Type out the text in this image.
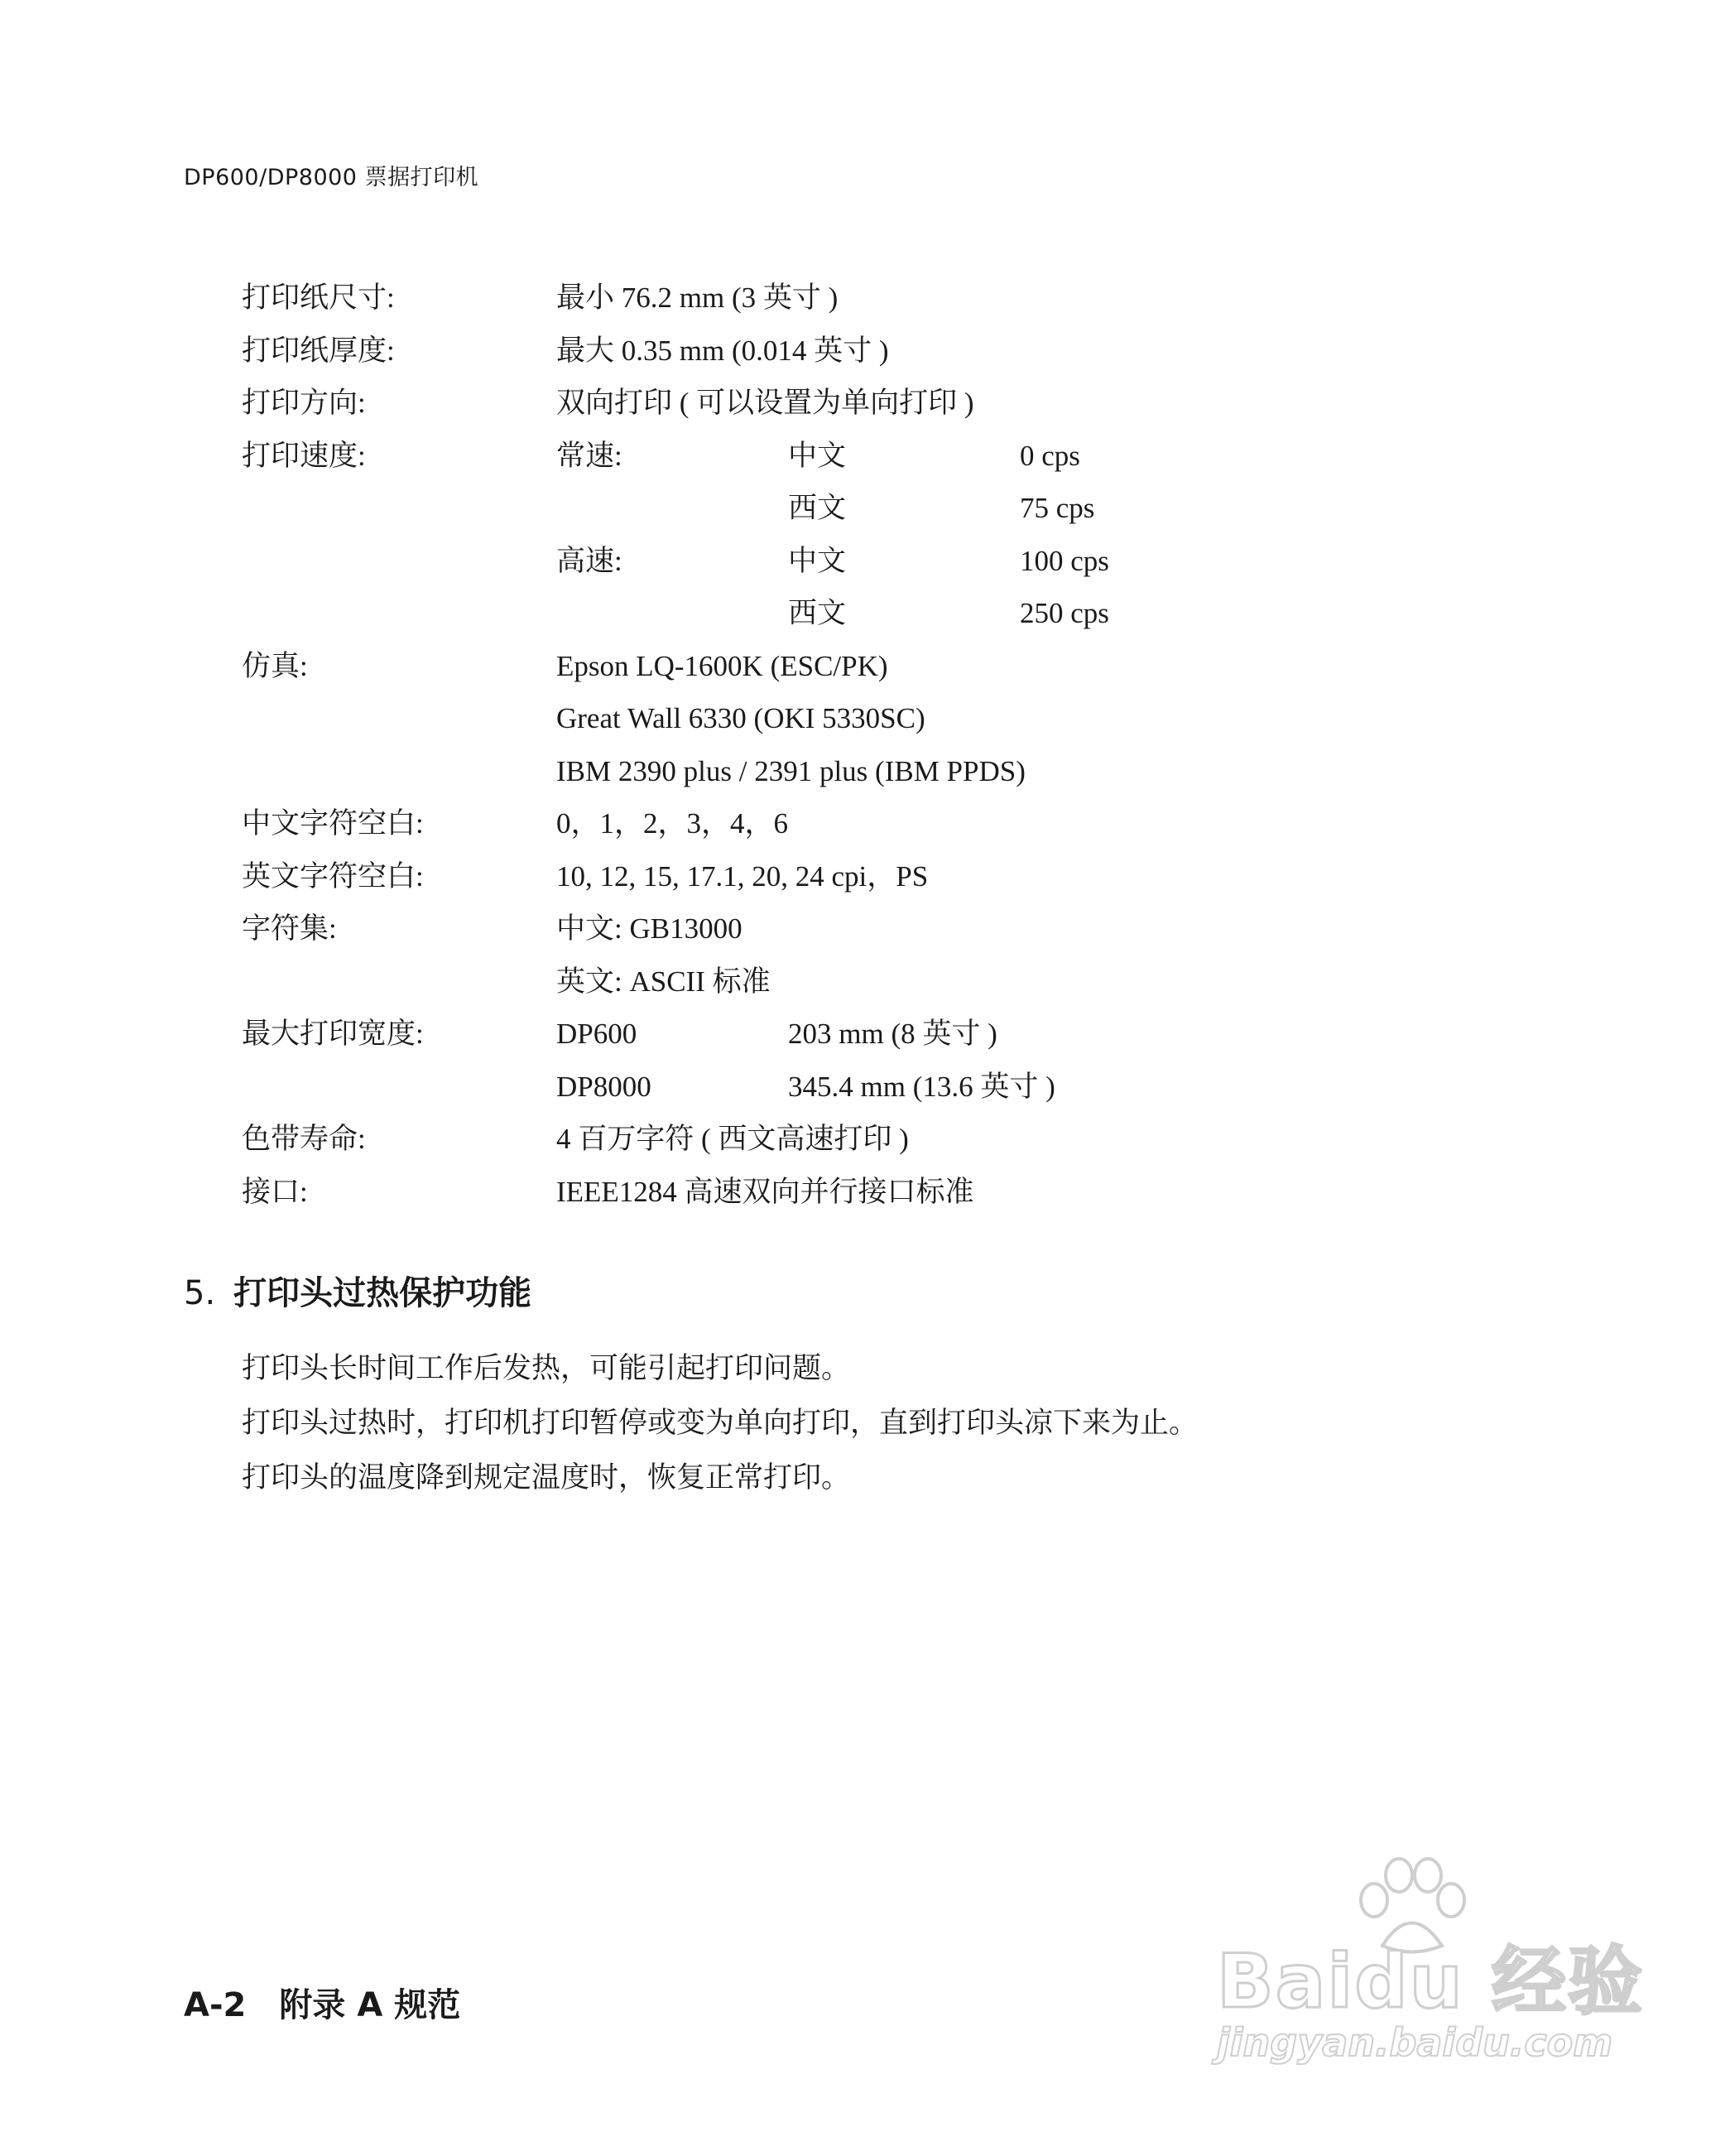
DP600/DP8000 票据打印机
打印纸尺寸:	最小 76.2 mm (3 英寸 )
打印纸厚度:	最大 0.35 mm (0.014 英寸 )
打印方向:	双向打印 ( 可以设置为单向打印 )
打印速度:	常速:	中文	0 cps
西文	75 cps
高速:	中文	100 cps
西文	250 cps
仿真:	Epson LQ-1600K (ESC/PK)
Great Wall 6330 (OKI 5330SC)
IBM 2390 plus / 2391 plus (IBM PPDS)
中文字符空白:	0，1，2，3，4，6
英文字符空白:	10, 12, 15, 17.1, 20, 24 cpi，PS
字符集:	中文: GB13000
英文: ASCII 标准
最大打印宽度:	DP600	203 mm (8 英寸 )
DP8000	345.4 mm (13.6 英寸 )
色带寿命:	4 百万字符 ( 西文高速打印 )
接口:	IEEE1284 高速双向并行接口标准
5. 打印头过热保护功能
打印头长时间工作后发热，可能引起打印问题。
打印头过热时，打印机打印暂停或变为单向打印，直到打印头凉下来为止。
打印头的温度降到规定温度时，恢复正常打印。
A-2 附录 A 规范	Baidu 经验
jingyan.baidu.com
